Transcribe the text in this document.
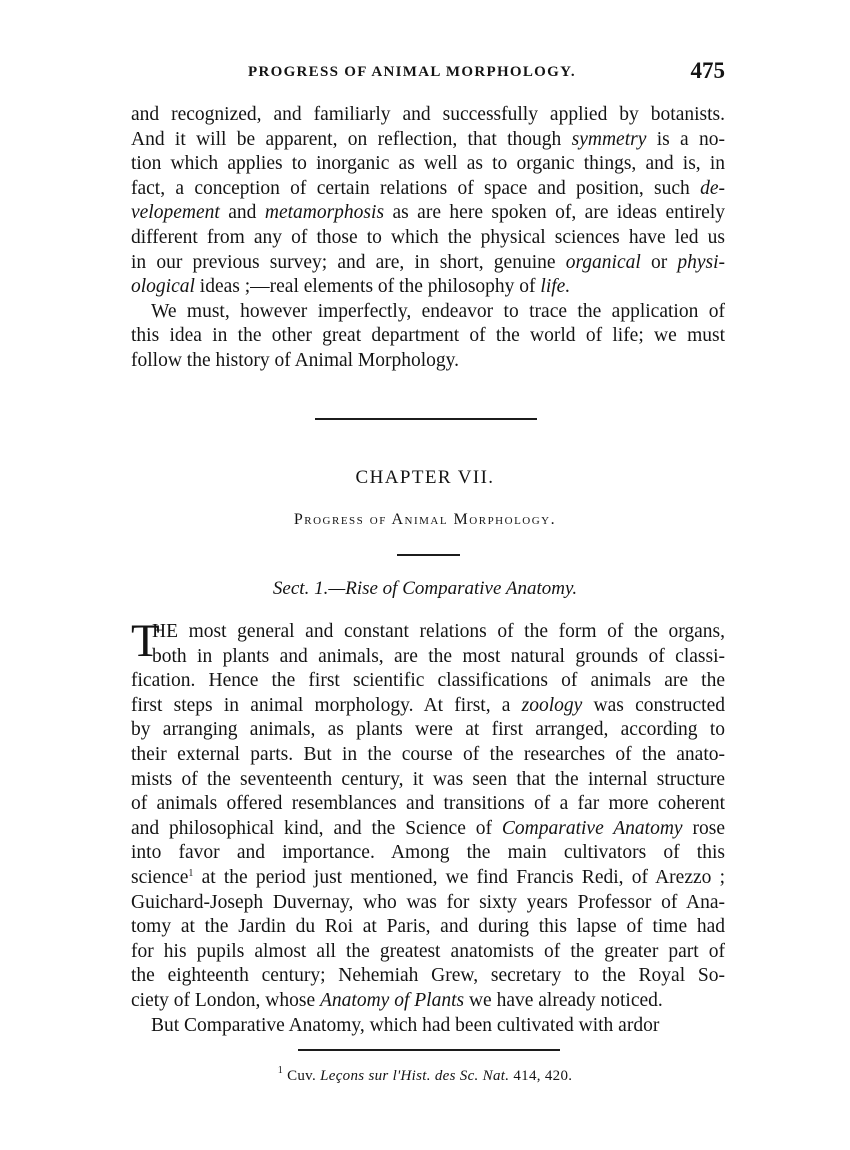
PROGRESS OF ANIMAL MORPHOLOGY.	475
and recognized, and familiarly and successfully applied by botanists.
And it will be apparent, on reflection, that though symmetry is a no-
tion which applies to inorganic as well as to organic things, and is, in
fact, a conception of certain relations of space and position, such de-
velopement and metamorphosis as are here spoken of, are ideas entirely
different from any of those to which the physical sciences have led us
in our previous survey; and are, in short, genuine organical or physi-
ological ideas ;—real elements of the philosophy of life.
We must, however imperfectly, endeavor to trace the application of
this idea in the other great department of the world of life; we must
follow the history of Animal Morphology.
CHAPTER VII.
Progress of Animal Morphology.
Sect. 1.—Rise of Comparative Anatomy.
T
HE most general and constant relations of the form of the organs,
both in plants and animals, are the most natural grounds of classi-
fication. Hence the first scientific classifications of animals are the
first steps in animal morphology. At first, a zoology was constructed
by arranging animals, as plants were at first arranged, according to
their external parts. But in the course of the researches of the anato-
mists of the seventeenth century, it was seen that the internal structure
of animals offered resemblances and transitions of a far more coherent
and philosophical kind, and the Science of Comparative Anatomy rose
into favor and importance. Among the main cultivators of this
science$^1$ at the period just mentioned, we find Francis Redi, of Arezzo ;
Guichard-Joseph Duvernay, who was for sixty years Professor of Ana-
tomy at the Jardin du Roi at Paris, and during this lapse of time had
for his pupils almost all the greatest anatomists of the greater part of
the eighteenth century; Nehemiah Grew, secretary to the Royal So-
ciety of London, whose Anatomy of Plants we have already noticed.
But Comparative Anatomy, which had been cultivated with ardor
$^1$ Cuv. Leçons sur l'Hist. des Sc. Nat. 414, 420.
